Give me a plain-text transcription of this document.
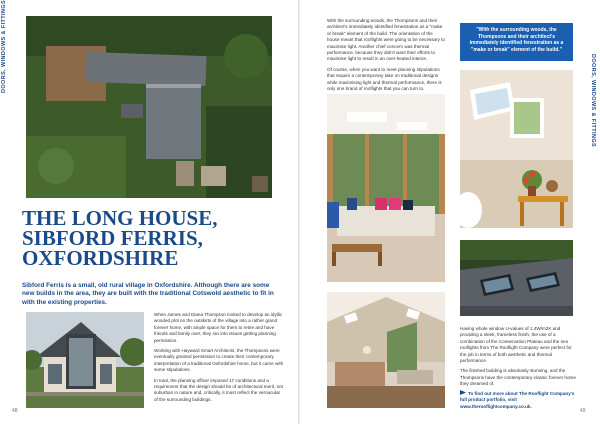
DOORS, WINDOWS & FITTINGS
THE LONG HOUSE,
SIBFORD FERRIS,
OXFORDSHIRE

Sibford Ferris is a small, old rural village in Oxfordshire. Although there are some new builds in the area, they are built with the traditional Cotswold aesthetic to fit in with the existing properties.

When James and Diana Thompson looked to develop an idyllic wooded plot on the outskirts of the village into a rather grand forever home, with ample space for them to retire and have friends and family over, they ran into issues getting planning permission.

Working with Hayward Smart Architects, the Thompsons were eventually granted permission to create their contemporary interpretation of a traditional Oxfordshire home, but it came with some stipulations.

In total, the planning officer imposed 17 conditions and a requirement that the design should be of architectural merit, not suburban in nature and, critically, it must reflect the vernacular of the surrounding buildings.

48

With the surrounding woods, the Thompsons and their architect's immediately identified fenestration as a "make or break" element of the build. The orientation of the house meant that rooflights were going to be necessary to maximise light. Another chief concern was thermal performance, because they didn't want their efforts to maximise light to result in an over-heated interior.

Of course, when you want to meet planning stipulations that require a contemporary take on traditional designs while maximising light and thermal performance, there is only one brand of rooflights that you can turn to.

"With the surrounding woods, the Thompsons and their architect's immediately identified fenestration as a "make or break" element of the build."

Having whole window U-values of 1.4W/m2K and providing a sleek, frameless finish, the use of a combination of the Conservation Plateau and the neo rooflights from The Rooflight Company were perfect for the job in terms of both aesthetic and thermal performance.

The finished building is absolutely stunning, and the Thompsons have the contemporary-classic forever home they dreamed of.

To find out more about The Rooflight Company's full product portfolio, visit www.therooflightcompany.co.uk.
DOORS, WINDOWS & FITTINGS
49
